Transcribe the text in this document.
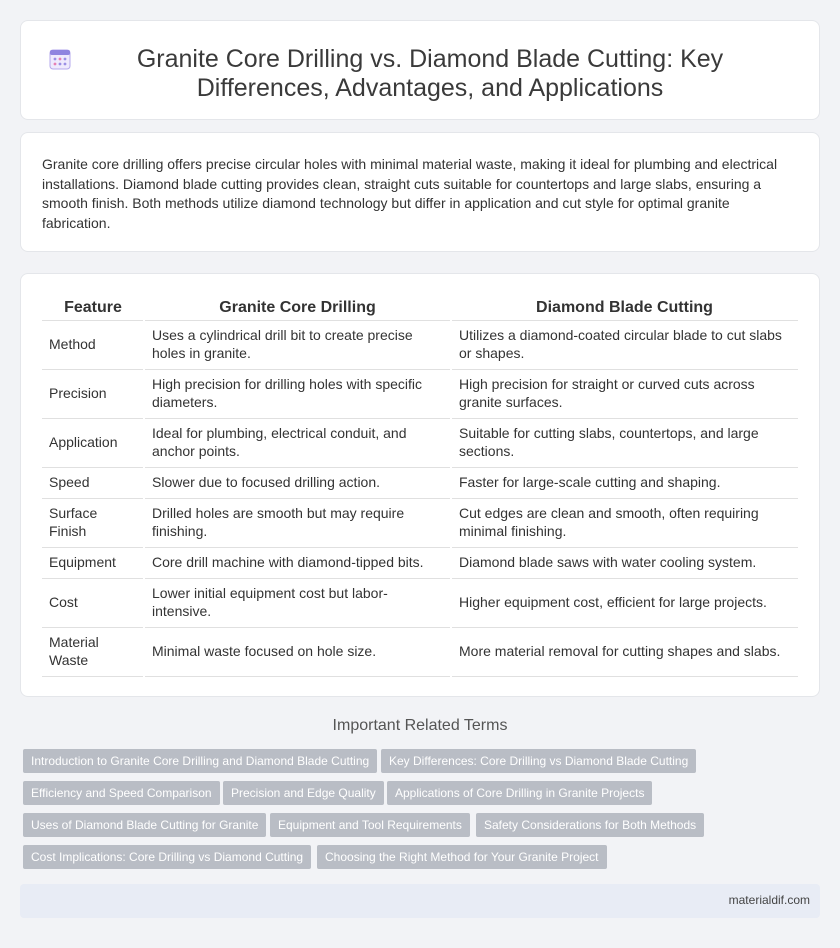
Granite Core Drilling vs. Diamond Blade Cutting: Key Differences, Advantages, and Applications

Granite core drilling offers precise circular holes with minimal material waste, making it ideal for plumbing and electrical installations. Diamond blade cutting provides clean, straight cuts suitable for countertops and large slabs, ensuring a smooth finish. Both methods utilize diamond technology but differ in application and cut style for optimal granite fabrication.

Feature	Granite Core Drilling	Diamond Blade Cutting
Method	Uses a cylindrical drill bit to create precise holes in granite.	Utilizes a diamond-coated circular blade to cut slabs or shapes.
Precision	High precision for drilling holes with specific diameters.	High precision for straight or curved cuts across granite surfaces.
Application	Ideal for plumbing, electrical conduit, and anchor points.	Suitable for cutting slabs, countertops, and large sections.
Speed	Slower due to focused drilling action.	Faster for large-scale cutting and shaping.
Surface Finish	Drilled holes are smooth but may require finishing.	Cut edges are clean and smooth, often requiring minimal finishing.
Equipment	Core drill machine with diamond-tipped bits.	Diamond blade saws with water cooling system.
Cost	Lower initial equipment cost but labor-intensive.	Higher equipment cost, efficient for large projects.
Material Waste	Minimal waste focused on hole size.	More material removal for cutting shapes and slabs.
Important Related Terms
Introduction to Granite Core Drilling and Diamond Blade Cutting	Key Differences: Core Drilling vs Diamond Blade Cutting
Efficiency and Speed Comparison	Precision and Edge Quality	Applications of Core Drilling in Granite Projects
Uses of Diamond Blade Cutting for Granite	Equipment and Tool Requirements	Safety Considerations for Both Methods
Cost Implications: Core Drilling vs Diamond Cutting	Choosing the Right Method for Your Granite Project
materialdif.com
